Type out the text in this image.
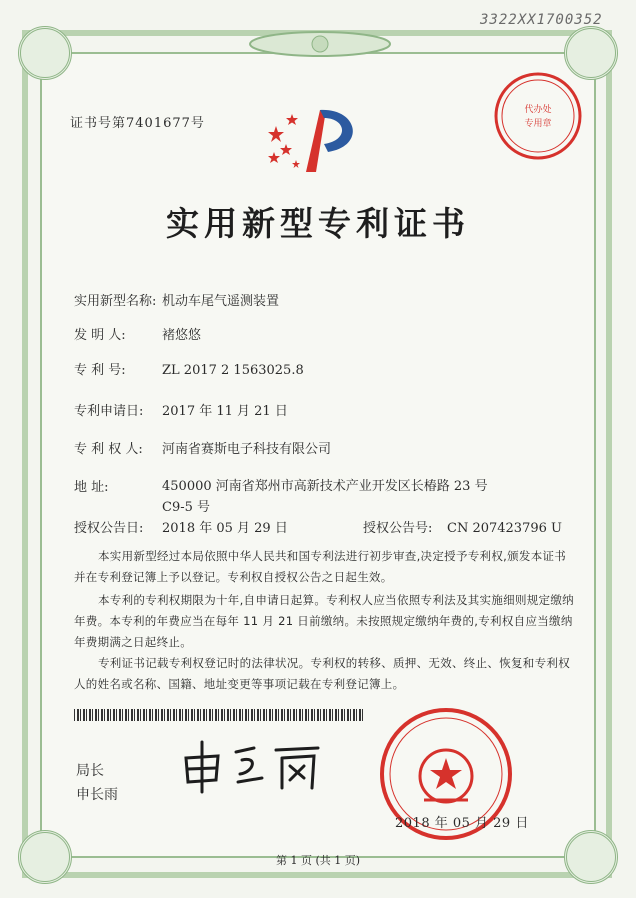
3322XX1700352
证书号第7401677号
代办处
专用章
实用新型专利证书
实用新型名称: 机动车尾气遥测装置
发 明 人:	褚悠悠
专 利 号:	ZL 2017 2 1563025.8
专利申请日: 2017 年 11 月 21 日
专 利 权 人: 河南省赛斯电子科技有限公司
地 址:	450000 河南省郑州市高新技术产业开发区长椿路 23 号 C9-5 号
授权公告日: 2018 年 05 月 29 日	授权公告号: CN 207423796 U
本实用新型经过本局依照中华人民共和国专利法进行初步审查,决定授予专利权,颁发本证书并在专利登记簿上予以登记。专利权自授权公告之日起生效。
本专利的专利权期限为十年,自申请日起算。专利权人应当依照专利法及其实施细则规定缴纳年费。本专利的年费应当在每年 11 月 21 日前缴纳。未按照规定缴纳年费的,专利权自应当缴纳年费期满之日起终止。
专利证书记载专利权登记时的法律状况。专利权的转移、质押、无效、终止、恢复和专利权人的姓名或名称、国籍、地址变更等事项记载在专利登记簿上。
局长
申长雨
2018 年 05 月 29 日
第 1 页 (共 1 页)
